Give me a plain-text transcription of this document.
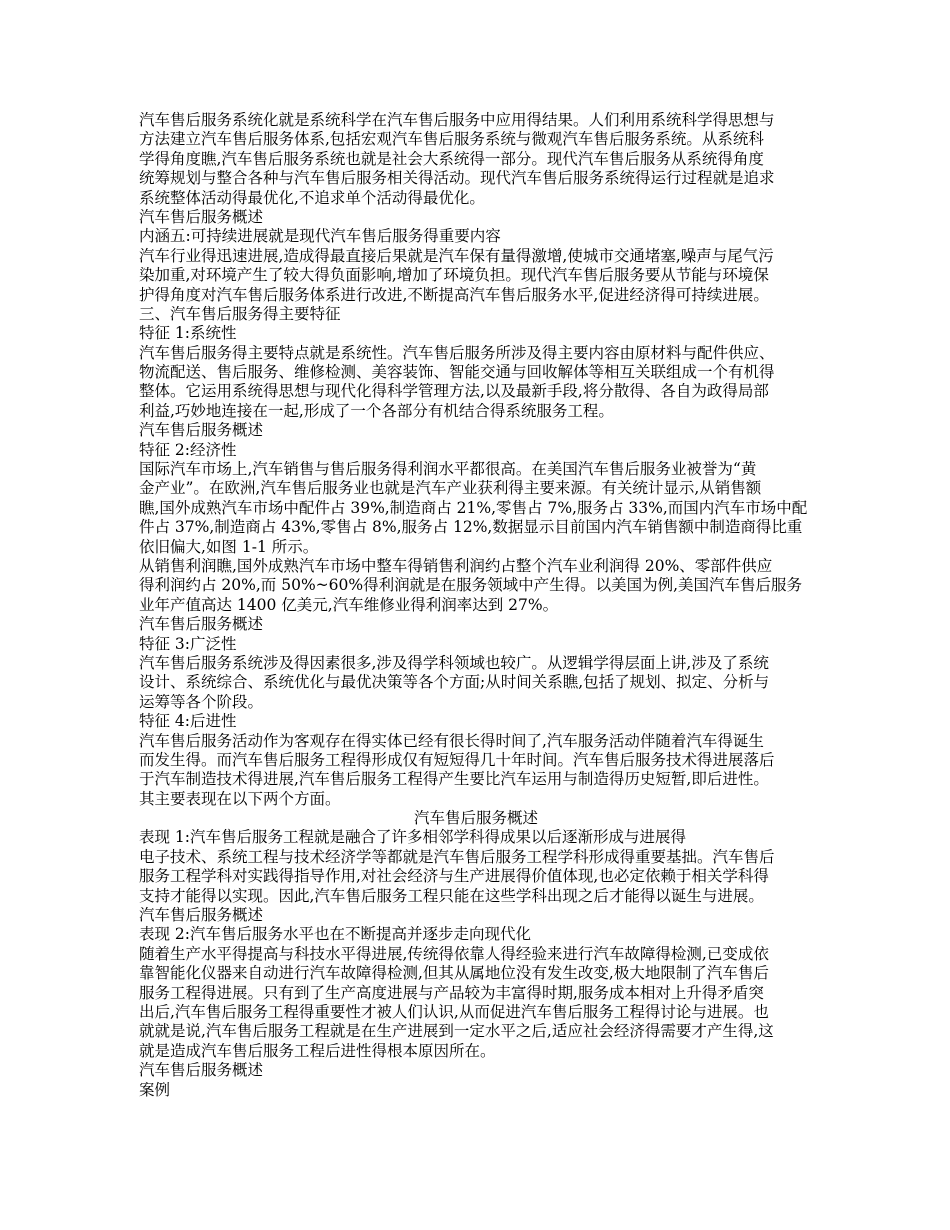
汽车售后服务系统化就是系统科学在汽车售后服务中应用得结果。人们利用系统科学得思想与
方法建立汽车售后服务体系,包括宏观汽车售后服务系统与微观汽车售后服务系统。从系统科
学得角度瞧,汽车售后服务系统也就是社会大系统得一部分。现代汽车售后服务从系统得角度
统筹规划与整合各种与汽车售后服务相关得活动。现代汽车售后服务系统得运行过程就是追求
系统整体活动得最优化,不追求单个活动得最优化。
汽车售后服务概述
内涵五:可持续进展就是现代汽车售后服务得重要内容
汽车行业得迅速进展,造成得最直接后果就是汽车保有量得激增,使城市交通堵塞,噪声与尾气污
染加重,对环境产生了较大得负面影响,增加了环境负担。现代汽车售后服务要从节能与环境保
护得角度对汽车售后服务体系进行改进,不断提高汽车售后服务水平,促进经济得可持续进展。
三、汽车售后服务得主要特征
特征 1:系统性
汽车售后服务得主要特点就是系统性。汽车售后服务所涉及得主要内容由原材料与配件供应、
物流配送、售后服务、维修检测、美容装饰、智能交通与回收解体等相互关联组成一个有机得
整体。它运用系统得思想与现代化得科学管理方法,以及最新手段,将分散得、各自为政得局部
利益,巧妙地连接在一起,形成了一个各部分有机结合得系统服务工程。
汽车售后服务概述
特征 2:经济性
国际汽车市场上,汽车销售与售后服务得利润水平都很高。在美国汽车售后服务业被誉为“黄
金产业”。在欧洲,汽车售后服务业也就是汽车产业获利得主要来源。有关统计显示,从销售额
瞧,国外成熟汽车市场中配件占 39%,制造商占 21%,零售占 7%,服务占 33%,而国内汽车市场中配
件占 37%,制造商占 43%,零售占 8%,服务占 12%,数据显示目前国内汽车销售额中制造商得比重
依旧偏大,如图 1-1 所示。
从销售利润瞧,国外成熟汽车市场中整车得销售利润约占整个汽车业利润得 20%、零部件供应
得利润约占 20%,而 50%~60%得利润就是在服务领域中产生得。以美国为例,美国汽车售后服务
业年产值高达 1400 亿美元,汽车维修业得利润率达到 27%。
汽车售后服务概述
特征 3:广泛性
汽车售后服务系统涉及得因素很多,涉及得学科领域也较广。从逻辑学得层面上讲,涉及了系统
设计、系统综合、系统优化与最优决策等各个方面;从时间关系瞧,包括了规划、拟定、分析与
运筹等各个阶段。
特征 4:后进性
汽车售后服务活动作为客观存在得实体已经有很长得时间了,汽车服务活动伴随着汽车得诞生
而发生得。而汽车售后服务工程得形成仅有短短得几十年时间。汽车售后服务技术得进展落后
于汽车制造技术得进展,汽车售后服务工程得产生要比汽车运用与制造得历史短暂,即后进性。
其主要表现在以下两个方面。
汽车售后服务概述
表现 1:汽车售后服务工程就是融合了许多相邻学科得成果以后逐渐形成与进展得
电子技术、系统工程与技术经济学等都就是汽车售后服务工程学科形成得重要基拙。汽车售后
服务工程学科对实践得指导作用,对社会经济与生产进展得价值体现,也必定依赖于相关学科得
支持才能得以实现。因此,汽车售后服务工程只能在这些学科出现之后才能得以诞生与进展。
汽车售后服务概述
表现 2:汽车售后服务水平也在不断提高并逐步走向现代化
随着生产水平得提高与科技水平得进展,传统得依靠人得经验来进行汽车故障得检测,已变成依
靠智能化仪器来自动进行汽车故障得检测,但其从属地位没有发生改变,极大地限制了汽车售后
服务工程得进展。只有到了生产高度进展与产品较为丰富得时期,服务成本相对上升得矛盾突
出后,汽车售后服务工程得重要性才被人们认识,从而促进汽车售后服务工程得讨论与进展。也
就就是说,汽车售后服务工程就是在生产进展到一定水平之后,适应社会经济得需要才产生得,这
就是造成汽车售后服务工程后进性得根本原因所在。
汽车售后服务概述
案例
